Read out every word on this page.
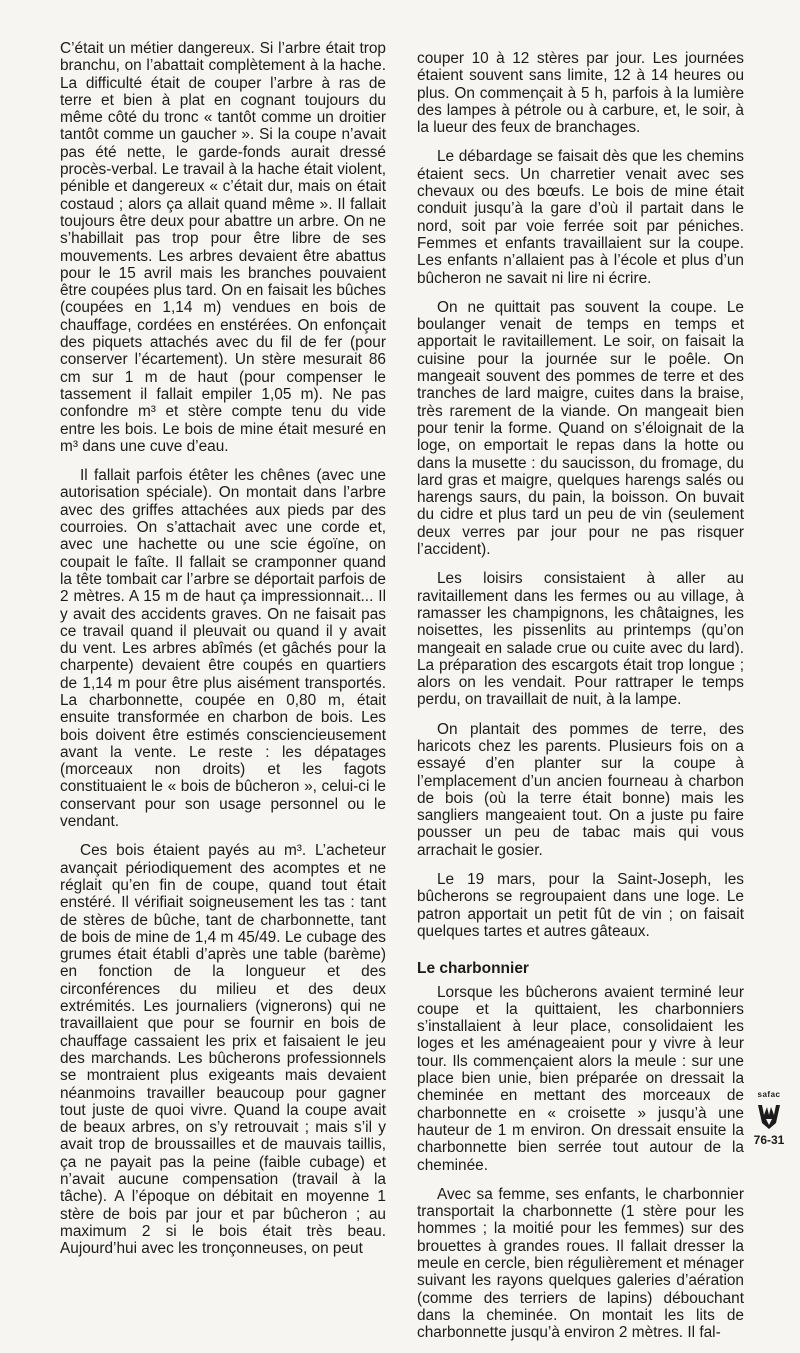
C’était un métier dangereux. Si l’arbre était trop branchu, on l’abattait complètement à la hache. La difficulté était de couper l’arbre à ras de terre et bien à plat en cognant toujours du même côté du tronc « tantôt comme un droitier tantôt comme un gaucher ». Si la coupe n’avait pas été nette, le garde-fonds aurait dressé procès-verbal. Le travail à la hache était violent, pénible et dangereux « c’était dur, mais on était costaud ; alors ça allait quand même ». Il fallait toujours être deux pour abattre un arbre. On ne s’habillait pas trop pour être libre de ses mouvements. Les arbres devaient être abattus pour le 15 avril mais les branches pouvaient être coupées plus tard. On en faisait les bûches (coupées en 1,14 m) vendues en bois de chauffage, cordées en enstérées. On enfonçait des piquets attachés avec du fil de fer (pour conserver l’écartement). Un stère mesurait 86 cm sur 1 m de haut (pour compenser le tassement il fallait empiler 1,05 m). Ne pas confondre m³ et stère compte tenu du vide entre les bois. Le bois de mine était mesuré en m³ dans une cuve d’eau.

Il fallait parfois étêter les chênes (avec une autorisation spéciale). On montait dans l’arbre avec des griffes attachées aux pieds par des courroies. On s’attachait avec une corde et, avec une hachette ou une scie égoïne, on coupait le faîte. Il fallait se cramponner quand la tête tombait car l’arbre se déportait parfois de 2 mètres. A 15 m de haut ça impressionnait... Il y avait des accidents graves. On ne faisait pas ce travail quand il pleuvait ou quand il y avait du vent. Les arbres abîmés (et gâchés pour la charpente) devaient être coupés en quartiers de 1,14 m pour être plus aisément transportés. La charbonnette, coupée en 0,80 m, était ensuite transformée en charbon de bois. Les bois doivent être estimés consciencieusement avant la vente. Le reste : les dépatages (morceaux non droits) et les fagots constituaient le « bois de bûcheron », celui-ci le conservant pour son usage personnel ou le vendant.

Ces bois étaient payés au m³. L’acheteur avançait périodiquement des acomptes et ne réglait qu’en fin de coupe, quand tout était enstéré. Il vérifiait soigneusement les tas : tant de stères de bûche, tant de charbonnette, tant de bois de mine de 1,4 m 45/49. Le cubage des grumes était établi d’après une table (barème) en fonction de la longueur et des circonférences du milieu et des deux extrémités. Les journaliers (vignerons) qui ne travaillaient que pour se fournir en bois de chauffage cassaient les prix et faisaient le jeu des marchands. Les bûcherons professionnels se montraient plus exigeants mais devaient néanmoins travailler beaucoup pour gagner tout juste de quoi vivre. Quand la coupe avait de beaux arbres, on s’y retrouvait ; mais s’il y avait trop de broussailles et de mauvais taillis, ça ne payait pas la peine (faible cubage) et n’avait aucune compensation (travail à la tâche). A l’époque on débitait en moyenne 1 stère de bois par jour et par bûcheron ; au maximum 2 si le bois était très beau. Aujourd’hui avec les tronçonneuses, on peut

couper 10 à 12 stères par jour. Les journées étaient souvent sans limite, 12 à 14 heures ou plus. On commençait à 5 h, parfois à la lumière des lampes à pétrole ou à carbure, et, le soir, à la lueur des feux de branchages.

Le débardage se faisait dès que les chemins étaient secs. Un charretier venait avec ses chevaux ou des bœufs. Le bois de mine était conduit jusqu’à la gare d’où il partait dans le nord, soit par voie ferrée soit par péniches. Femmes et enfants travaillaient sur la coupe. Les enfants n’allaient pas à l’école et plus d’un bûcheron ne savait ni lire ni écrire.

On ne quittait pas souvent la coupe. Le boulanger venait de temps en temps et apportait le ravitaillement. Le soir, on faisait la cuisine pour la journée sur le poêle. On mangeait souvent des pommes de terre et des tranches de lard maigre, cuites dans la braise, très rarement de la viande. On mangeait bien pour tenir la forme. Quand on s’éloignait de la loge, on emportait le repas dans la hotte ou dans la musette : du saucisson, du fromage, du lard gras et maigre, quelques harengs salés ou harengs saurs, du pain, la boisson. On buvait du cidre et plus tard un peu de vin (seulement deux verres par jour pour ne pas risquer l’accident).

Les loisirs consistaient à aller au ravitaillement dans les fermes ou au village, à ramasser les champignons, les châtaignes, les noisettes, les pissenlits au printemps (qu’on mangeait en salade crue ou cuite avec du lard). La préparation des escargots était trop longue ; alors on les vendait. Pour rattraper le temps perdu, on travaillait de nuit, à la lampe.

On plantait des pommes de terre, des haricots chez les parents. Plusieurs fois on a essayé d’en planter sur la coupe à l’emplacement d’un ancien fourneau à charbon de bois (où la terre était bonne) mais les sangliers mangeaient tout. On a juste pu faire pousser un peu de tabac mais qui vous arrachait le gosier.

Le 19 mars, pour la Saint-Joseph, les bûcherons se regroupaient dans une loge. Le patron apportait un petit fût de vin ; on faisait quelques tartes et autres gâteaux.

Le charbonnier

Lorsque les bûcherons avaient terminé leur coupe et la quittaient, les charbonniers s’installaient à leur place, consolidaient les loges et les aménageaient pour y vivre à leur tour. Ils commençaient alors la meule : sur une place bien unie, bien préparée on dressait la cheminée en mettant des morceaux de charbonnette en « croisette » jusqu’à une hauteur de 1 m environ. On dressait ensuite la charbonnette bien serrée tout autour de la cheminée.

Avec sa femme, ses enfants, le charbonnier transportait la charbonnette (1 stère pour les hommes ; la moitié pour les femmes) sur des brouettes à grandes roues. Il fallait dresser la meule en cercle, bien régulièrement et ménager suivant les rayons quelques galeries d’aération (comme des terriers de lapins) débouchant dans la cheminée. On montait les lits de charbonnette jusqu’à environ 2 mètres. Il fal-

safac
76-31
